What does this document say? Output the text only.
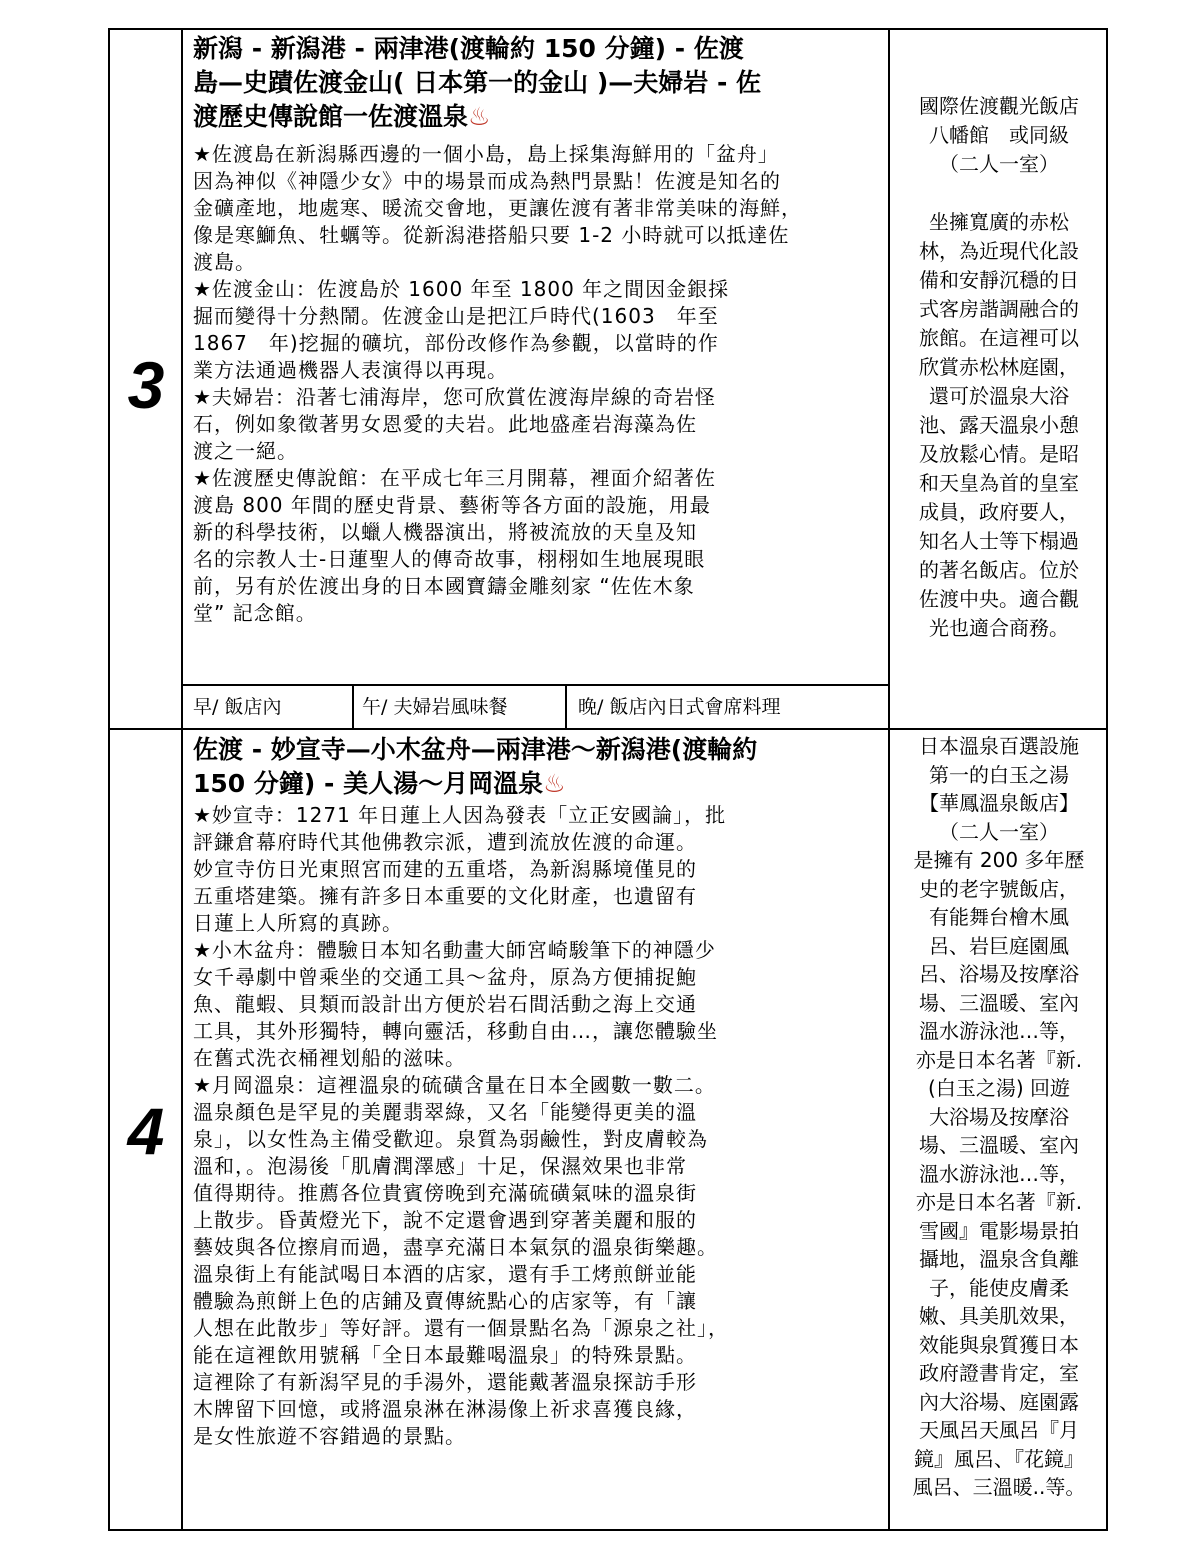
3
新潟 - 新潟港 - 兩津港(渡輪約 150 分鐘) - 佐渡
島—史蹟佐渡金山( 日本第一的金山 )—夫婦岩 - 佐
渡歷史傳說館一佐渡溫泉♨

★佐渡島在新潟縣西邊的一個小島，島上採集海鮮用的「盆舟」
因為神似《神隱少女》中的場景而成為熱門景點！佐渡是知名的
金礦產地，地處寒、暖流交會地，更讓佐渡有著非常美味的海鮮，
像是寒鰤魚、牡蠣等。從新潟港搭船只要 1-2 小時就可以抵達佐
渡島。

★佐渡金山：佐渡島於 1600 年至 1800 年之間因金銀採
掘而變得十分熱鬧。佐渡金山是把江戶時代(1603　年至
1867　年)挖掘的礦坑，部份改修作為參觀，以當時的作
業方法通過機器人表演得以再現。

★夫婦岩：沿著七浦海岸，您可欣賞佐渡海岸線的奇岩怪
石，例如象徵著男女恩愛的夫岩。此地盛產岩海藻為佐
渡之一絕。

★佐渡歷史傳說館：在平成七年三月開幕，裡面介紹著佐
渡島 800 年間的歷史背景、藝術等各方面的設施，用最
新的科學技術，以蠟人機器演出，將被流放的天皇及知
名的宗教人士-日蓮聖人的傳奇故事，栩栩如生地展現眼
前，另有於佐渡出身的日本國寶鑄金雕刻家 “佐佐木象
堂” 記念館。

早/ 飯店內	午/ 夫婦岩風味餐	晚/ 飯店內日式會席料理

國際佐渡觀光飯店

八幡館　或同級

（二人一室）

坐擁寬廣的赤松

林，為近現代化設

備和安靜沉穩的日

式客房諧調融合的

旅館。在這裡可以

欣賞赤松林庭園，

還可於溫泉大浴

池、露天溫泉小憩

及放鬆心情。是昭

和天皇為首的皇室

成員，政府要人，

知名人士等下榻過

的著名飯店。位於

佐渡中央。適合觀

光也適合商務。

4
佐渡 - 妙宣寺—小木盆舟—兩津港～新潟港(渡輪約
150 分鐘) - 美人湯～月岡溫泉♨

★妙宣寺：1271 年日蓮上人因為發表「立正安國論」，批
評鎌倉幕府時代其他佛教宗派，遭到流放佐渡的命運。
妙宣寺仿日光東照宮而建的五重塔，為新潟縣境僅見的
五重塔建築。擁有許多日本重要的文化財產，也遺留有
日蓮上人所寫的真跡。

★小木盆舟：體驗日本知名動畫大師宮崎駿筆下的神隱少
女千尋劇中曾乘坐的交通工具～盆舟，原為方便捕捉鮑
魚、龍蝦、貝類而設計出方便於岩石間活動之海上交通
工具，其外形獨特，轉向靈活，移動自由…，讓您體驗坐
在舊式洗衣桶裡划船的滋味。

★月岡溫泉：這裡溫泉的硫磺含量在日本全國數一數二。
溫泉顏色是罕見的美麗翡翠綠，又名「能變得更美的溫
泉」，以女性為主備受歡迎。泉質為弱鹼性，對皮膚較為
溫和，。泡湯後「肌膚潤澤感」十足，保濕效果也非常
值得期待。推薦各位貴賓傍晚到充滿硫磺氣味的溫泉街
上散步。昏黃燈光下，說不定還會遇到穿著美麗和服的
藝妓與各位擦肩而過，盡享充滿日本氣氛的溫泉街樂趣。
溫泉街上有能試喝日本酒的店家，還有手工烤煎餅並能
體驗為煎餅上色的店鋪及賣傳統點心的店家等，有「讓
人想在此散步」等好評。還有一個景點名為「源泉之社」，
能在這裡飲用號稱「全日本最難喝溫泉」的特殊景點。
這裡除了有新潟罕見的手湯外，還能戴著溫泉探訪手形
木牌留下回憶，或將溫泉淋在淋湯像上祈求喜獲良緣，
是女性旅遊不容錯過的景點。

日本溫泉百選設施

第一的白玉之湯

【華鳳溫泉飯店】

（二人一室）

是擁有 200 多年歷

史的老字號飯店，

有能舞台檜木風

呂、岩巨庭園風

呂、浴場及按摩浴

場、三溫暖、室內

溫水游泳池…等，

亦是日本名著『新.

(白玉之湯) 回遊

大浴場及按摩浴

場、三溫暖、室內

溫水游泳池…等，

亦是日本名著『新.

雪國』電影場景拍

攝地，溫泉含負離

子，能使皮膚柔

嫩、具美肌效果，

效能與泉質獲日本

政府證書肯定，室

內大浴場、庭園露

天風呂天風呂『月

鏡』風呂、『花鏡』

風呂、三溫暖..等。
